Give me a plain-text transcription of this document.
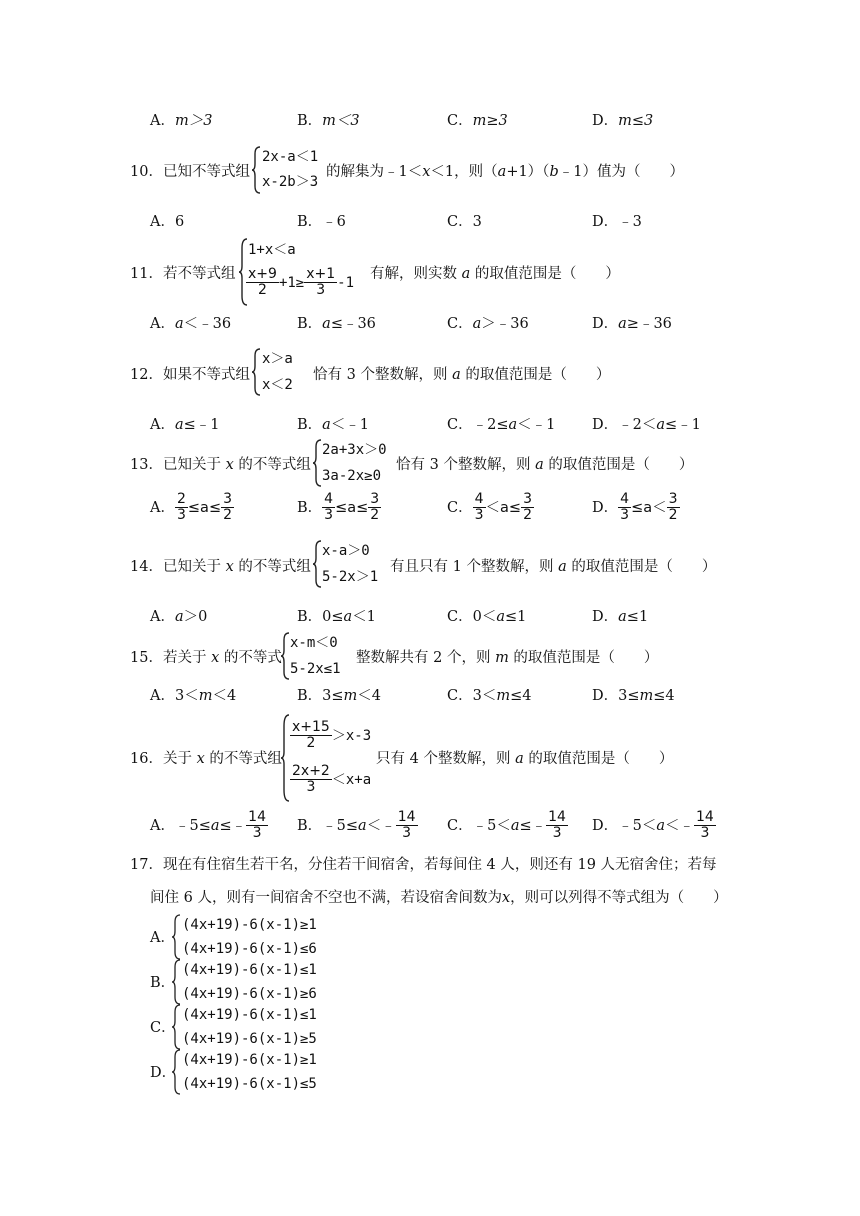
A．m＞3	B．m＜3	C．m≥3	D．m≤3
10．已知不等式组
2x-a＜1
x-2b＞3
的解集为﹣1＜x＜1，则（a+1）（b﹣1）值为（　　）
A．6	B．﹣6	C．3	D．﹣3
11．若不等式组
1+x＜a
$\frac{x+9}{2} +1\ge \frac{x+1}{3} -1$
有解，则实数 a 的取值范围是（　　）
A．a＜﹣36	B．a≤﹣36	C．a＞﹣36	D．a≥﹣36
12．如果不等式组
x＞a
x＜2
恰有 3 个整数解，则 a 的取值范围是（　　）
A．a≤﹣1	B．a＜﹣1	C．﹣2≤a＜﹣1	D．﹣2＜a≤﹣1
13．已知关于 x 的不等式组
2a+3x＞0
3a-2x≥0
恰有 3 个整数解，则 a 的取值范围是（　　）
A． $\frac{2}{3} \le a\le \frac{3}{2}$	B． $\frac{4}{3} \le a\le \frac{3}{2}$	C． $\frac{4}{3} <a\le \frac{3}{2}$	D． $\frac{4}{3} \le a< \frac{3}{2}$
14．已知关于 x 的不等式组
x-a＞0
5-2x＞1
有且只有 1 个整数解，则 a 的取值范围是（　　）
A．a＞0	B．0≤a＜1	C．0＜a≤1	D．a≤1
15．若关于 x 的不等式
x-m＜0
5-2x≤1
整数解共有 2 个，则 m 的取值范围是（　　）
A．3＜m＜4	B．3≤m＜4	C．3＜m≤4	D．3≤m≤4
16．关于 x 的不等式组
$\frac{x+15}{2} >x-3$
$\frac{2x+2}{3} <x+a$
只有 4 个整数解，则 a 的取值范围是（　　）
A．﹣5≤a≤﹣ $\frac{14}{3}$ B．﹣5≤a＜﹣ $\frac{14}{3}$ C．﹣5＜a≤﹣ $\frac{14}{3}$ D．﹣5＜a＜﹣ $\frac{14}{3}$
17．现在有住宿生若干名，分住若干间宿舍，若每间住 4 人，则还有 19 人无宿舍住；若每
间住 6 人，则有一间宿舍不空也不满，若设宿舍间数为x，则可以列得不等式组为（　　）
A．
(4x+19)-6(x-1)≥1
(4x+19)-6(x-1)≤6
B．
(4x+19)-6(x-1)≤1
(4x+19)-6(x-1)≥6
C．
(4x+19)-6(x-1)≤1
(4x+19)-6(x-1)≥5
D．
(4x+19)-6(x-1)≥1
(4x+19)-6(x-1)≤5
